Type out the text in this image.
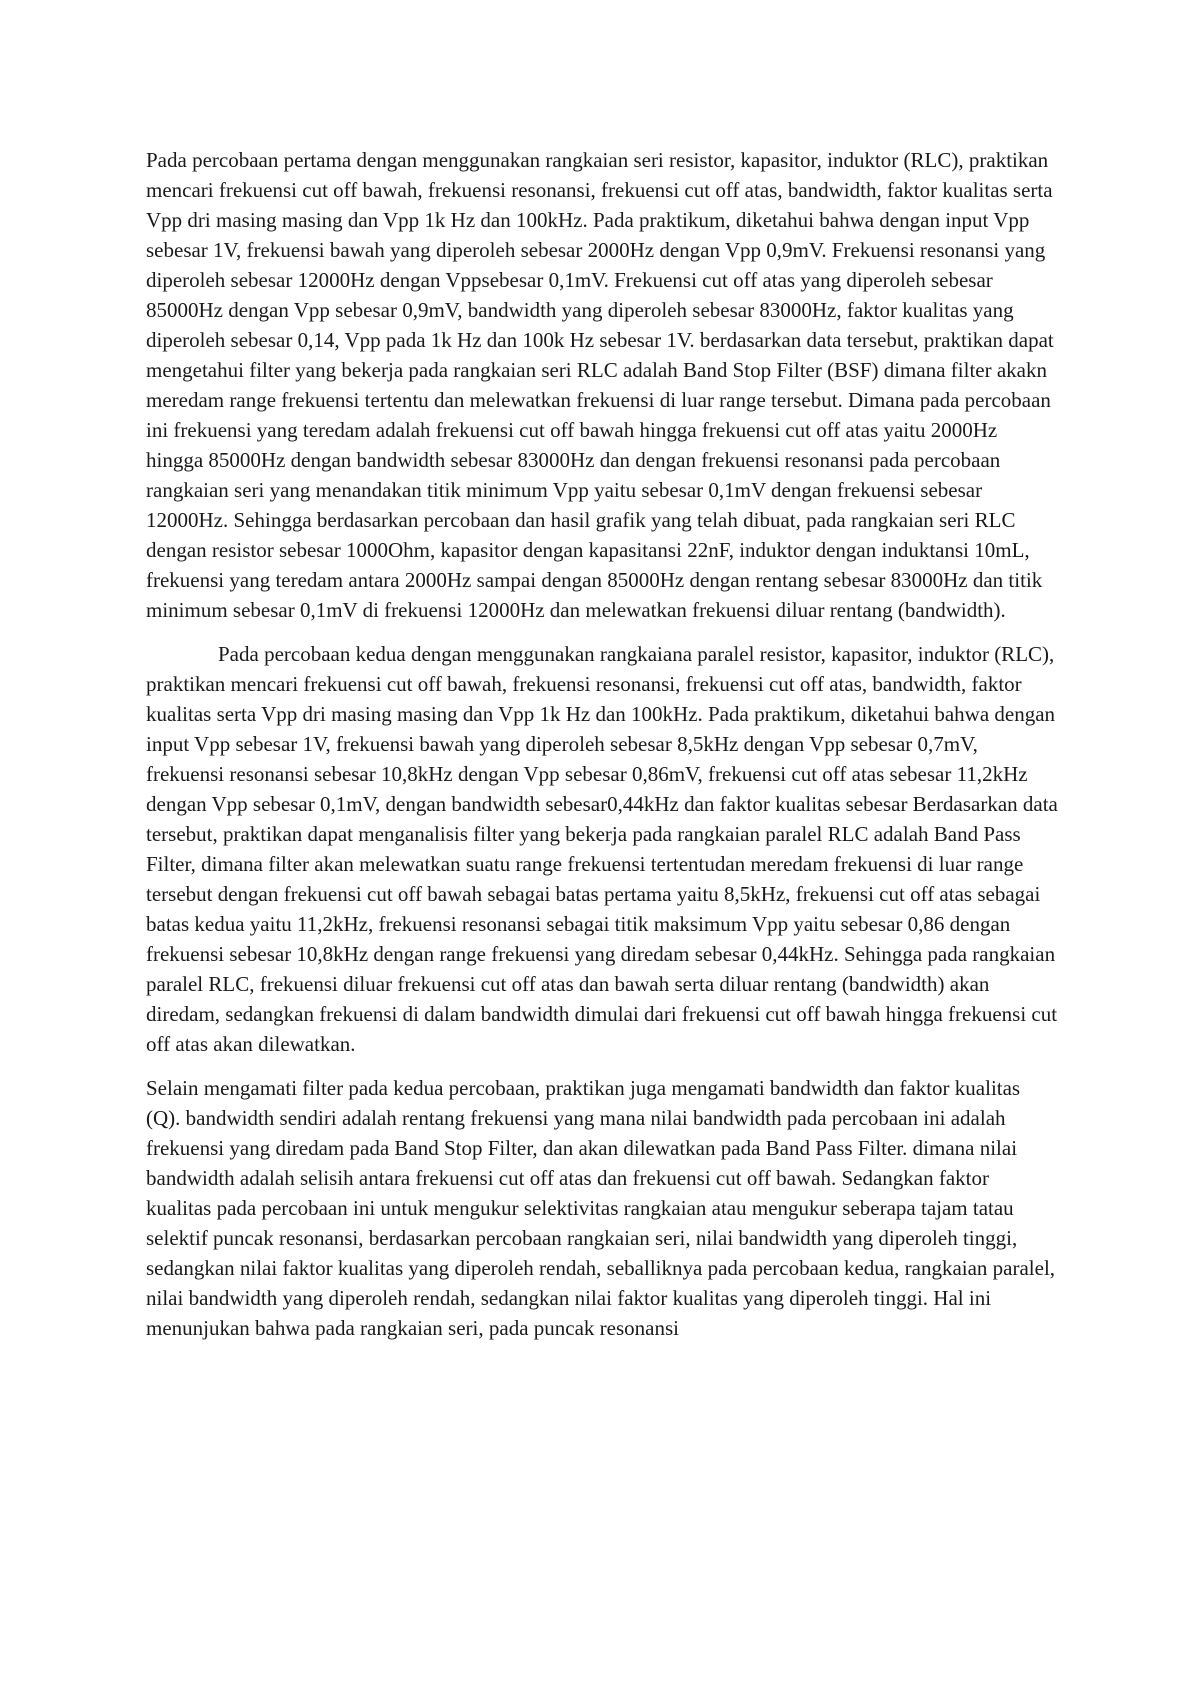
Pada percobaan pertama dengan menggunakan rangkaian seri resistor, kapasitor, induktor (RLC), praktikan mencari frekuensi cut off bawah, frekuensi resonansi, frekuensi cut off atas, bandwidth, faktor kualitas serta Vpp dri masing masing dan Vpp 1k Hz dan 100kHz. Pada praktikum, diketahui bahwa dengan input Vpp sebesar 1V, frekuensi bawah yang diperoleh sebesar 2000Hz dengan Vpp 0,9mV. Frekuensi resonansi yang diperoleh sebesar 12000Hz dengan Vppsebesar 0,1mV. Frekuensi cut off atas yang diperoleh sebesar 85000Hz dengan Vpp sebesar 0,9mV, bandwidth yang diperoleh sebesar 83000Hz, faktor kualitas yang diperoleh sebesar 0,14, Vpp pada 1k Hz dan 100k Hz sebesar 1V. berdasarkan data tersebut, praktikan dapat mengetahui filter yang bekerja pada rangkaian seri RLC adalah Band Stop Filter (BSF) dimana filter akakn meredam range frekuensi tertentu dan melewatkan frekuensi di luar range tersebut. Dimana pada percobaan ini frekuensi yang teredam adalah frekuensi cut off bawah hingga frekuensi cut off atas yaitu 2000Hz hingga 85000Hz dengan bandwidth sebesar 83000Hz dan dengan frekuensi resonansi pada percobaan rangkaian seri yang menandakan titik minimum Vpp yaitu sebesar 0,1mV dengan frekuensi sebesar 12000Hz. Sehingga berdasarkan percobaan dan hasil grafik yang telah dibuat, pada rangkaian seri RLC dengan resistor sebesar 1000Ohm, kapasitor dengan kapasitansi 22nF, induktor dengan induktansi 10mL, frekuensi yang teredam antara 2000Hz sampai dengan 85000Hz dengan rentang sebesar 83000Hz dan titik minimum sebesar 0,1mV di frekuensi 12000Hz dan melewatkan frekuensi diluar rentang (bandwidth).

Pada percobaan kedua dengan menggunakan rangkaiana paralel resistor, kapasitor, induktor (RLC), praktikan mencari frekuensi cut off bawah, frekuensi resonansi, frekuensi cut off atas, bandwidth, faktor kualitas serta Vpp dri masing masing dan Vpp 1k Hz dan 100kHz. Pada praktikum, diketahui bahwa dengan input Vpp sebesar 1V, frekuensi bawah yang diperoleh sebesar 8,5kHz dengan Vpp sebesar 0,7mV, frekuensi resonansi sebesar 10,8kHz dengan Vpp sebesar 0,86mV, frekuensi cut off atas sebesar 11,2kHz dengan Vpp sebesar 0,1mV, dengan bandwidth sebesar0,44kHz dan faktor kualitas sebesar Berdasarkan data tersebut, praktikan dapat menganalisis filter yang bekerja pada rangkaian paralel RLC adalah Band Pass Filter, dimana filter akan melewatkan suatu range frekuensi tertentudan meredam frekuensi di luar range tersebut dengan frekuensi cut off bawah sebagai batas pertama yaitu 8,5kHz, frekuensi cut off atas sebagai batas kedua yaitu 11,2kHz, frekuensi resonansi sebagai titik maksimum Vpp yaitu sebesar 0,86 dengan frekuensi sebesar 10,8kHz dengan range frekuensi yang diredam sebesar 0,44kHz. Sehingga pada rangkaian paralel RLC, frekuensi diluar frekuensi cut off atas dan bawah serta diluar rentang (bandwidth) akan diredam, sedangkan frekuensi di dalam bandwidth dimulai dari frekuensi cut off bawah hingga frekuensi cut off atas akan dilewatkan.

Selain mengamati filter pada kedua percobaan, praktikan juga mengamati bandwidth dan faktor kualitas (Q). bandwidth sendiri adalah rentang frekuensi yang mana nilai bandwidth pada percobaan ini adalah frekuensi yang diredam pada Band Stop Filter, dan akan dilewatkan pada Band Pass Filter. dimana nilai bandwidth adalah selisih antara frekuensi cut off atas dan frekuensi cut off bawah. Sedangkan faktor kualitas pada percobaan ini untuk mengukur selektivitas rangkaian atau mengukur seberapa tajam tatau selektif puncak resonansi, berdasarkan percobaan rangkaian seri, nilai bandwidth yang diperoleh tinggi, sedangkan nilai faktor kualitas yang diperoleh rendah, seballiknya pada percobaan kedua, rangkaian paralel, nilai bandwidth yang diperoleh rendah, sedangkan nilai faktor kualitas yang diperoleh tinggi. Hal ini menunjukan bahwa pada rangkaian seri, pada puncak resonansi
